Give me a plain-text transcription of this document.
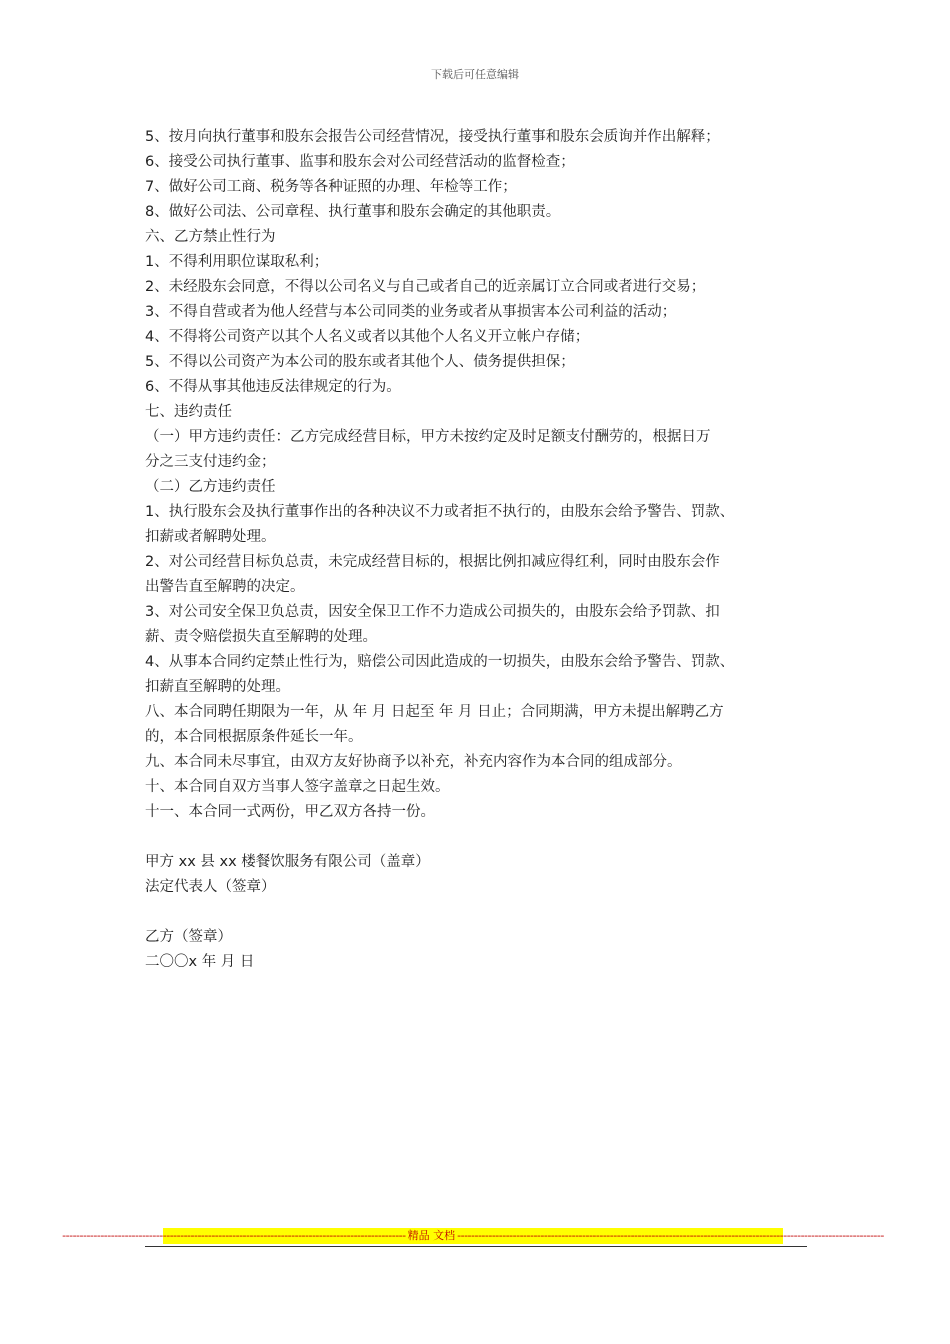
下载后可任意编辑

5、按月向执行董事和股东会报告公司经营情况，接受执行董事和股东会质询并作出解释；

6、接受公司执行董事、监事和股东会对公司经营活动的监督检查；

7、做好公司工商、税务等各种证照的办理、年检等工作；

8、做好公司法、公司章程、执行董事和股东会确定的其他职责。

六、乙方禁止性行为

1、不得利用职位谋取私利；

2、未经股东会同意，不得以公司名义与自己或者自己的近亲属订立合同或者进行交易；

3、不得自营或者为他人经营与本公司同类的业务或者从事损害本公司利益的活动；

4、不得将公司资产以其个人名义或者以其他个人名义开立帐户存储；

5、不得以公司资产为本公司的股东或者其他个人、债务提供担保；

6、不得从事其他违反法律规定的行为。

七、违约责任

（一）甲方违约责任：乙方完成经营目标，甲方未按约定及时足额支付酬劳的，根据日万

分之三支付违约金；

（二）乙方违约责任

1、执行股东会及执行董事作出的各种决议不力或者拒不执行的，由股东会给予警告、罚款、

扣薪或者解聘处理。

2、对公司经营目标负总责，未完成经营目标的，根据比例扣减应得红利，同时由股东会作

出警告直至解聘的决定。

3、对公司安全保卫负总责，因安全保卫工作不力造成公司损失的，由股东会给予罚款、扣

薪、责令赔偿损失直至解聘的处理。

4、从事本合同约定禁止性行为，赔偿公司因此造成的一切损失，由股东会给予警告、罚款、

扣薪直至解聘的处理。

八、本合同聘任期限为一年，从 年 月 日起至 年 月 日止；合同期满，甲方未提出解聘乙方

的，本合同根据原条件延长一年。

九、本合同未尽事宜，由双方友好协商予以补充，补充内容作为本合同的组成部分。

十、本合同自双方当事人签字盖章之日起生效。

十一、本合同一式两份，甲乙双方各持一份。

甲方 xx 县 xx 楼餐饮服务有限公司（盖章）

法定代表人（签章）

乙方（签章）

二〇〇x 年 月 日

--------------------------------------------------------------------------------------------------- 精品 文档 ---------------------------------------------------------------------------------------------------------------------------
